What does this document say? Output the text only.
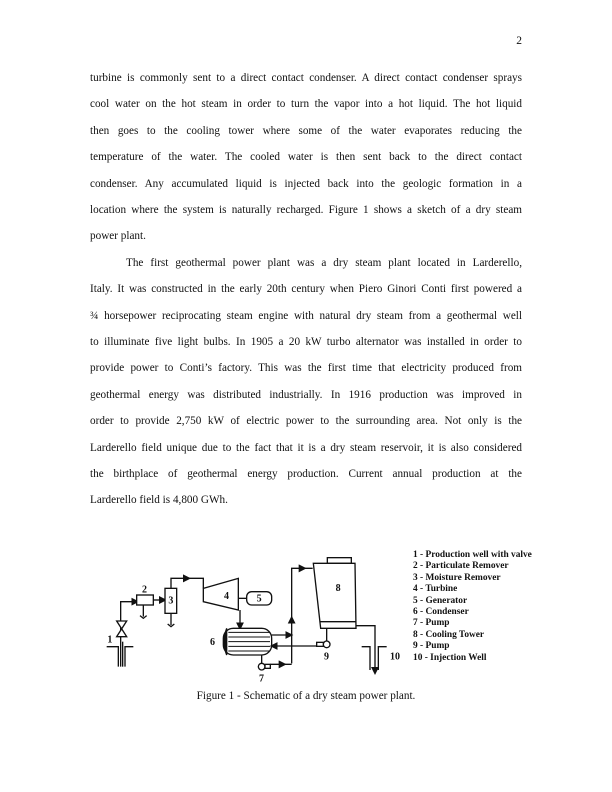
2
turbine is commonly sent to a direct contact condenser. A direct contact condenser sprays
cool water on the hot steam in order to turn the vapor into a hot liquid. The hot liquid
then goes to the cooling tower where some of the water evaporates reducing the
temperature of the water. The cooled water is then sent back to the direct contact
condenser. Any accumulated liquid is injected back into the geologic formation in a
location where the system is naturally recharged. Figure 1 shows a sketch of a dry steam
power plant.
The first geothermal power plant was a dry steam plant located in Larderello,
Italy. It was constructed in the early 20th century when Piero Ginori Conti first powered a
¾ horsepower reciprocating steam engine with natural dry steam from a geothermal well
to illuminate five light bulbs. In 1905 a 20 kW turbo alternator was installed in order to
provide power to Conti’s factory. This was the first time that electricity produced from
geothermal energy was distributed industrially. In 1916 production was improved in
order to provide 2,750 kW of electric power to the surrounding area. Not only is the
Larderello field unique due to the fact that it is a dry steam reservoir, it is also considered
the birthplace of geothermal energy production. Current annual production at the
Larderello field is 4,800 GWh.
1
2
3 4 5
6
7
8
9 10
1 - Production well with valve
2 - Particulate Remover
3 - Moisture Remover
4 - Turbine
5 - Generator
6 - Condenser
7 - Pump
8 - Cooling Tower
9 - Pump
10 - Injection Well
Figure 1 - Schematic of a dry steam power plant.
